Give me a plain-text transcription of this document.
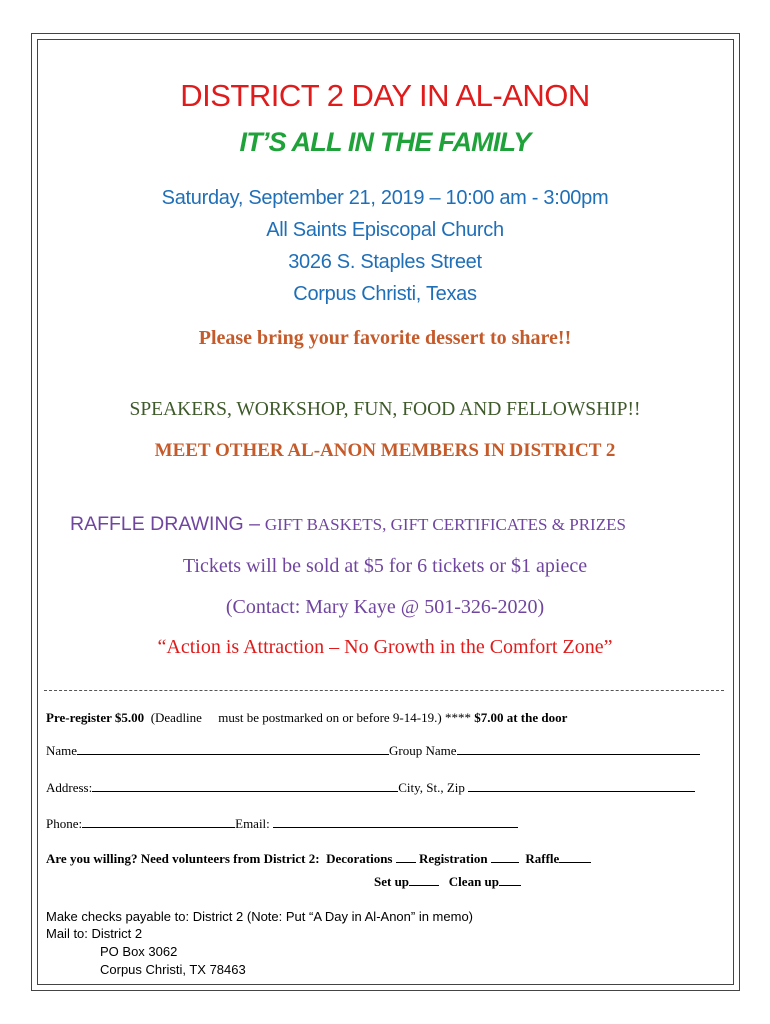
DISTRICT 2 DAY IN AL-ANON
IT’S ALL IN THE FAMILY
Saturday, September 21, 2019 – 10:00 am - 3:00pm
All Saints Episcopal Church
3026 S. Staples Street
Corpus Christi, Texas
Please bring your favorite dessert to share!!
SPEAKERS, WORKSHOP, FUN, FOOD AND FELLOWSHIP!!
MEET OTHER AL-ANON MEMBERS IN DISTRICT 2
RAFFLE DRAWING – GIFT BASKETS, GIFT CERTIFICATES & PRIZES
Tickets will be sold at $5 for 6 tickets or $1 apiece
(Contact: Mary Kaye @ 501-326-2020)
“Action is Attraction – No Growth in the Comfort Zone”
Pre-register $5.00 (Deadline must be postmarked on or before 9-14-19.) **** $7.00 at the door
Name	Group Name
Address:	City, St., Zip
Phone:	Email:
Are you willing? Need volunteers from District 2: Decorations Registration	Raffle
Set up	Clean up
Make checks payable to: District 2 (Note: Put “A Day in Al-Anon” in memo)
Mail to: District 2
PO Box 3062
Corpus Christi, TX 78463
